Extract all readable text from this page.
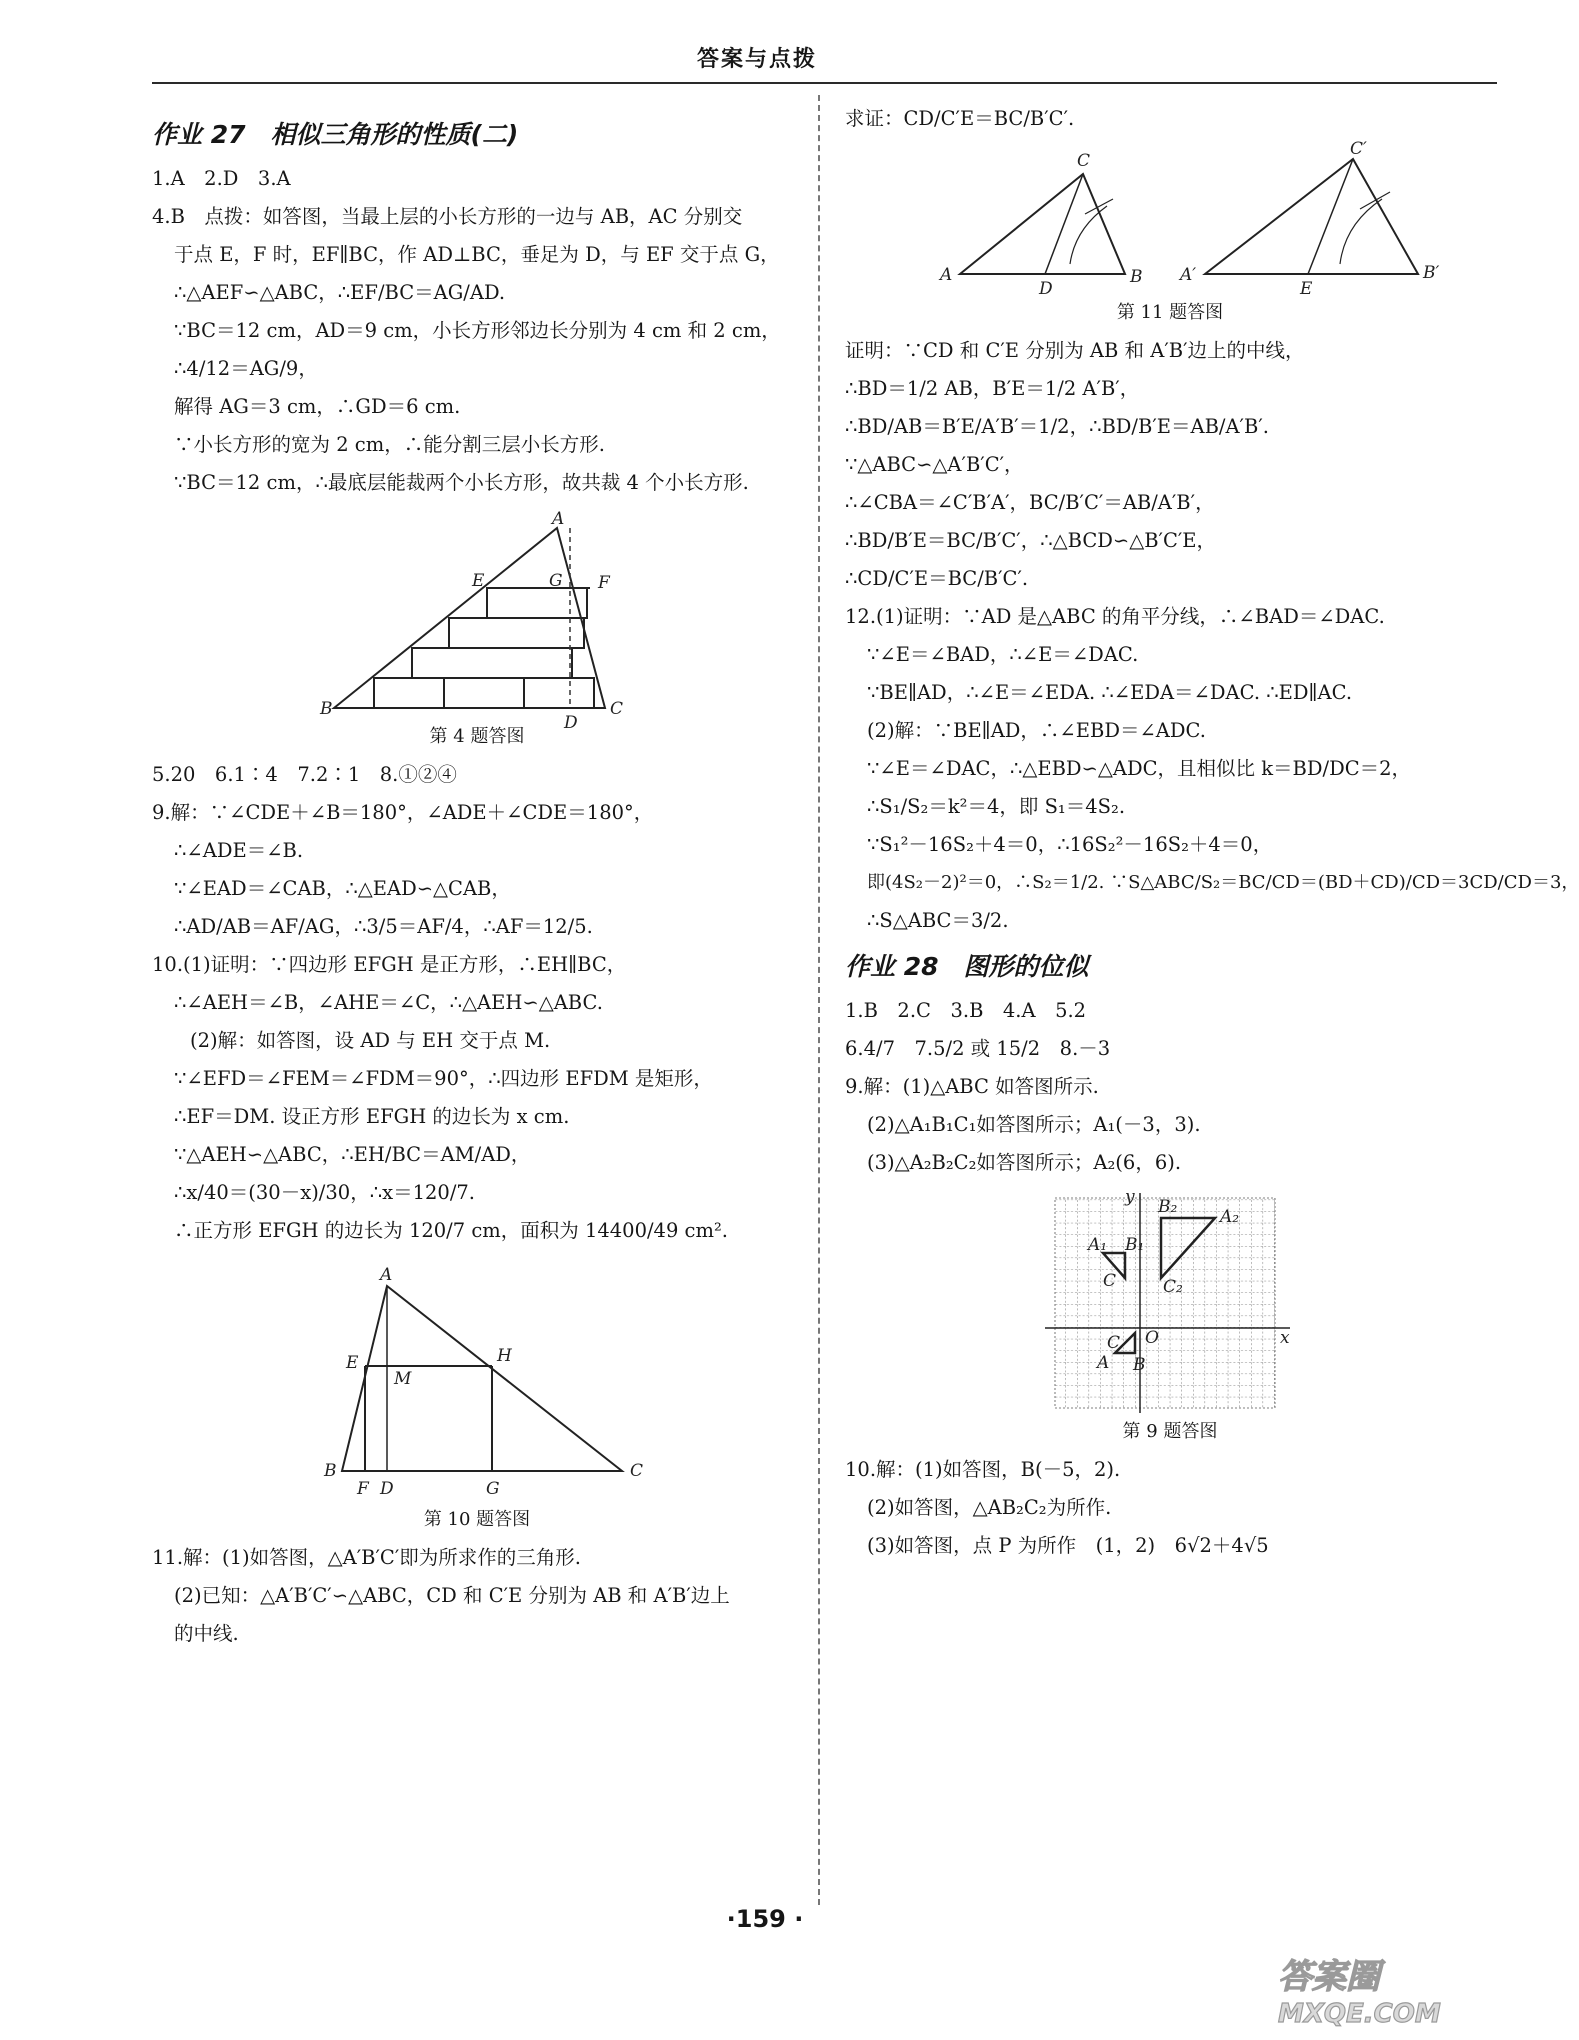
答案与点拨
作业 27　相似三角形的性质(二)
1.A　2.D　3.A
4.B　点拨：如答图，当最上层的小长方形的一边与 AB，AC 分别交
于点 E，F 时，EF∥BC，作 AD⊥BC，垂足为 D，与 EF 交于点 G，
∴△AEF∽△ABC，∴EF/BC＝AG/AD.
∵BC＝12 cm，AD＝9 cm，小长方形邻边长分别为 4 cm 和 2 cm，
∴4/12＝AG/9，
解得 AG＝3 cm，∴GD＝6 cm.
∵小长方形的宽为 2 cm，∴能分割三层小长方形.
∵BC＝12 cm，∴最底层能裁两个小长方形，故共裁 4 个小长方形.
A
B	C
E	G F
D
第 4 题答图
5.20　6.1∶4　7.2∶1　8.①②④
9.解：∵∠CDE＋∠B＝180°，∠ADE＋∠CDE＝180°，
∴∠ADE＝∠B.
∵∠EAD＝∠CAB，∴△EAD∽△CAB，
∴AD/AB＝AF/AG，∴3/5＝AF/4，∴AF＝12/5.
10.(1)证明：∵四边形 EFGH 是正方形，∴EH∥BC，
∴∠AEH＝∠B，∠AHE＝∠C，∴△AEH∽△ABC.
(2)解：如答图，设 AD 与 EH 交于点 M.
∵∠EFD＝∠FEM＝∠FDM＝90°，∴四边形 EFDM 是矩形，
∴EF＝DM. 设正方形 EFGH 的边长为 x cm.
∵△AEH∽△ABC，∴EH/BC＝AM/AD，
∴x/40＝(30－x)/30，∴x＝120/7.
∴正方形 EFGH 的边长为 120/7 cm，面积为 14400/49 cm².
A
B	C
E	H
M
F D	G
第 10 题答图
11.解：(1)如答图，△A′B′C′即为所求作的三角形.
(2)已知：△A′B′C′∽△ABC，CD 和 C′E 分别为 AB 和 A′B′边上
的中线.
求证：CD/C′E＝BC/B′C′.
A
C
B
D
A′
C′
B′
E
第 11 题答图
证明：∵CD 和 C′E 分别为 AB 和 A′B′边上的中线，
∴BD＝1/2 AB，B′E＝1/2 A′B′，
∴BD/AB＝B′E/A′B′＝1/2，∴BD/B′E＝AB/A′B′.
∵△ABC∽△A′B′C′，
∴∠CBA＝∠C′B′A′，BC/B′C′＝AB/A′B′，
∴BD/B′E＝BC/B′C′，∴△BCD∽△B′C′E，
∴CD/C′E＝BC/B′C′.
12.(1)证明：∵AD 是△ABC 的角平分线，∴∠BAD＝∠DAC.
∵∠E＝∠BAD，∴∠E＝∠DAC.
∵BE∥AD，∴∠E＝∠EDA. ∴∠EDA＝∠DAC. ∴ED∥AC.
(2)解：∵BE∥AD，∴∠EBD＝∠ADC.
∵∠E＝∠DAC，∴△EBD∽△ADC，且相似比 k＝BD/DC＝2，
∴S₁/S₂＝k²＝4，即 S₁＝4S₂.
∵S₁²－16S₂＋4＝0，∴16S₂²－16S₂＋4＝0，
即(4S₂－2)²＝0，∴S₂＝1/2. ∵S△ABC/S₂＝BC/CD＝(BD＋CD)/CD＝3CD/CD＝3，
∴S△ABC＝3/2.
作业 28　图形的位似
1.B　2.C　3.B　4.A　5.2
6.4/7　7.5/2 或 15/2　8.－3
9.解：(1)△ABC 如答图所示.
(2)△A₁B₁C₁如答图所示；A₁(－3，3).
(3)△A₂B₂C₂如答图所示；A₂(6，6).
y
x
O
B₂	A₂
C₂
A₁ B₁
C
A B
C
第 9 题答图
10.解：(1)如答图，B(－5，2).
(2)如答图，△AB₂C₂为所作.
(3)如答图，点 P 为所作　(1，2)　6√2＋4√5
·159 ·
答案圈
MXQE.COM
